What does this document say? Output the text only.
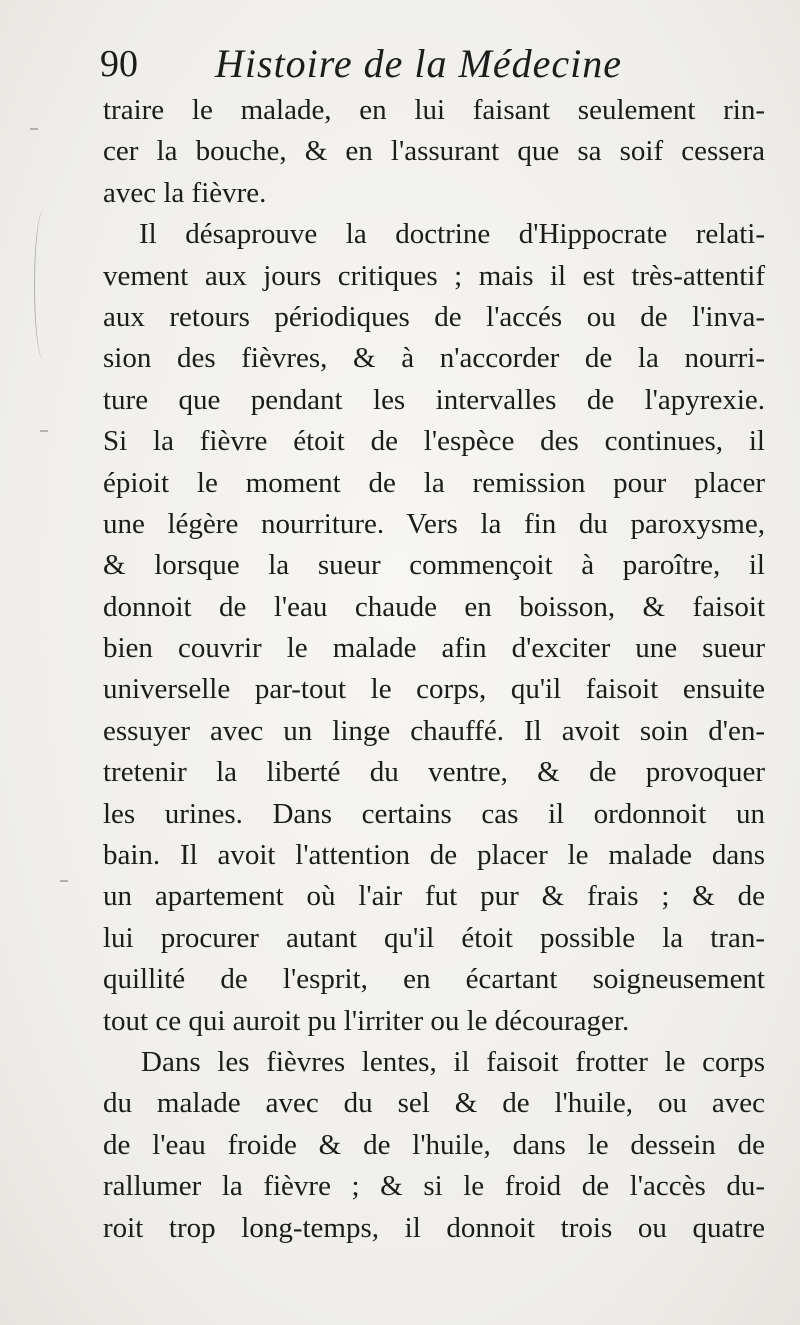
90 Histoire de la Médecine
traire le malade, en lui faisant seulement rin-
cer la bouche, & en l'assurant que sa soif cessera
avec la fièvre.
Il désaprouve la doctrine d'Hippocrate relati-
vement aux jours critiques ; mais il est très-attentif
aux retours périodiques de l'accés ou de l'inva-
sion des fièvres, & à n'accorder de la nourri-
ture que pendant les intervalles de l'apyrexie.
Si la fièvre étoit de l'espèce des continues, il
épioit le moment de la remission pour placer
une légère nourriture. Vers la fin du paroxysme,
& lorsque la sueur commençoit à paroître, il
donnoit de l'eau chaude en boisson, & faisoit
bien couvrir le malade afin d'exciter une sueur
universelle par-tout le corps, qu'il faisoit ensuite
essuyer avec un linge chauffé. Il avoit soin d'en-
tretenir la liberté du ventre, & de provoquer
les urines. Dans certains cas il ordonnoit un
bain. Il avoit l'attention de placer le malade dans
un apartement où l'air fut pur & frais ; & de
lui procurer autant qu'il étoit possible la tran-
quillité de l'esprit, en écartant soigneusement
tout ce qui auroit pu l'irriter ou le décourager.
Dans les fièvres lentes, il faisoit frotter le corps
du malade avec du sel & de l'huile, ou avec
de l'eau froide & de l'huile, dans le dessein de
rallumer la fièvre ; & si le froid de l'accès du-
roit trop long-temps, il donnoit trois ou quatre
